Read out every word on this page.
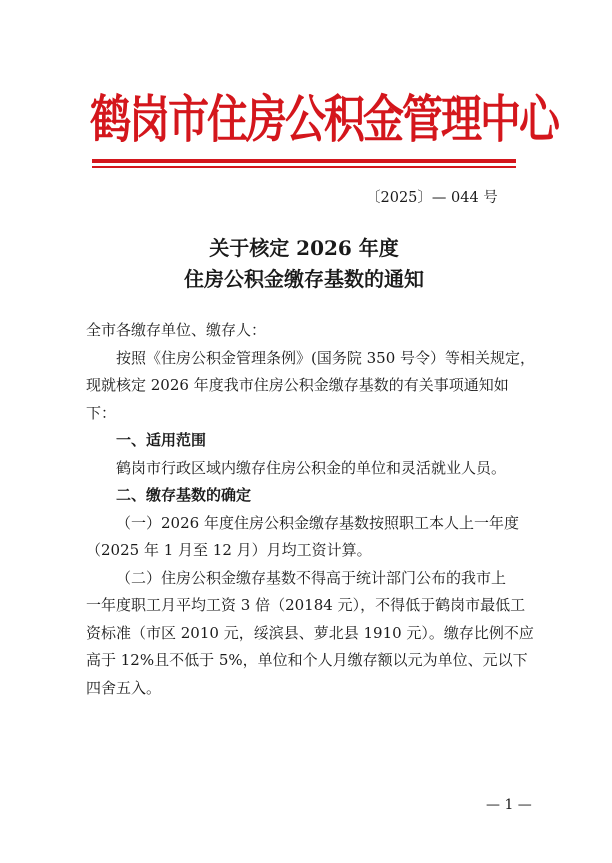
鹤岗市住房公积金管理中心
〔2025〕— 044 号
关于核定 2026 年度
住房公积金缴存基数的通知
全市各缴存单位、缴存人：
按照《住房公积金管理条例》(国务院 350 号令）等相关规定，
现就核定 2026 年度我市住房公积金缴存基数的有关事项通知如
下：
一、适用范围
鹤岗市行政区域内缴存住房公积金的单位和灵活就业人员。
二、缴存基数的确定
（一）2026 年度住房公积金缴存基数按照职工本人上一年度
（2025 年 1 月至 12 月）月均工资计算。
（二）住房公积金缴存基数不得高于统计部门公布的我市上
一年度职工月平均工资 3 倍（20184 元），不得低于鹤岗市最低工
资标准（市区 2010 元，绥滨县、萝北县 1910 元）。缴存比例不应
高于 12%且不低于 5%，单位和个人月缴存额以元为单位、元以下
四舍五入。
— 1 —
